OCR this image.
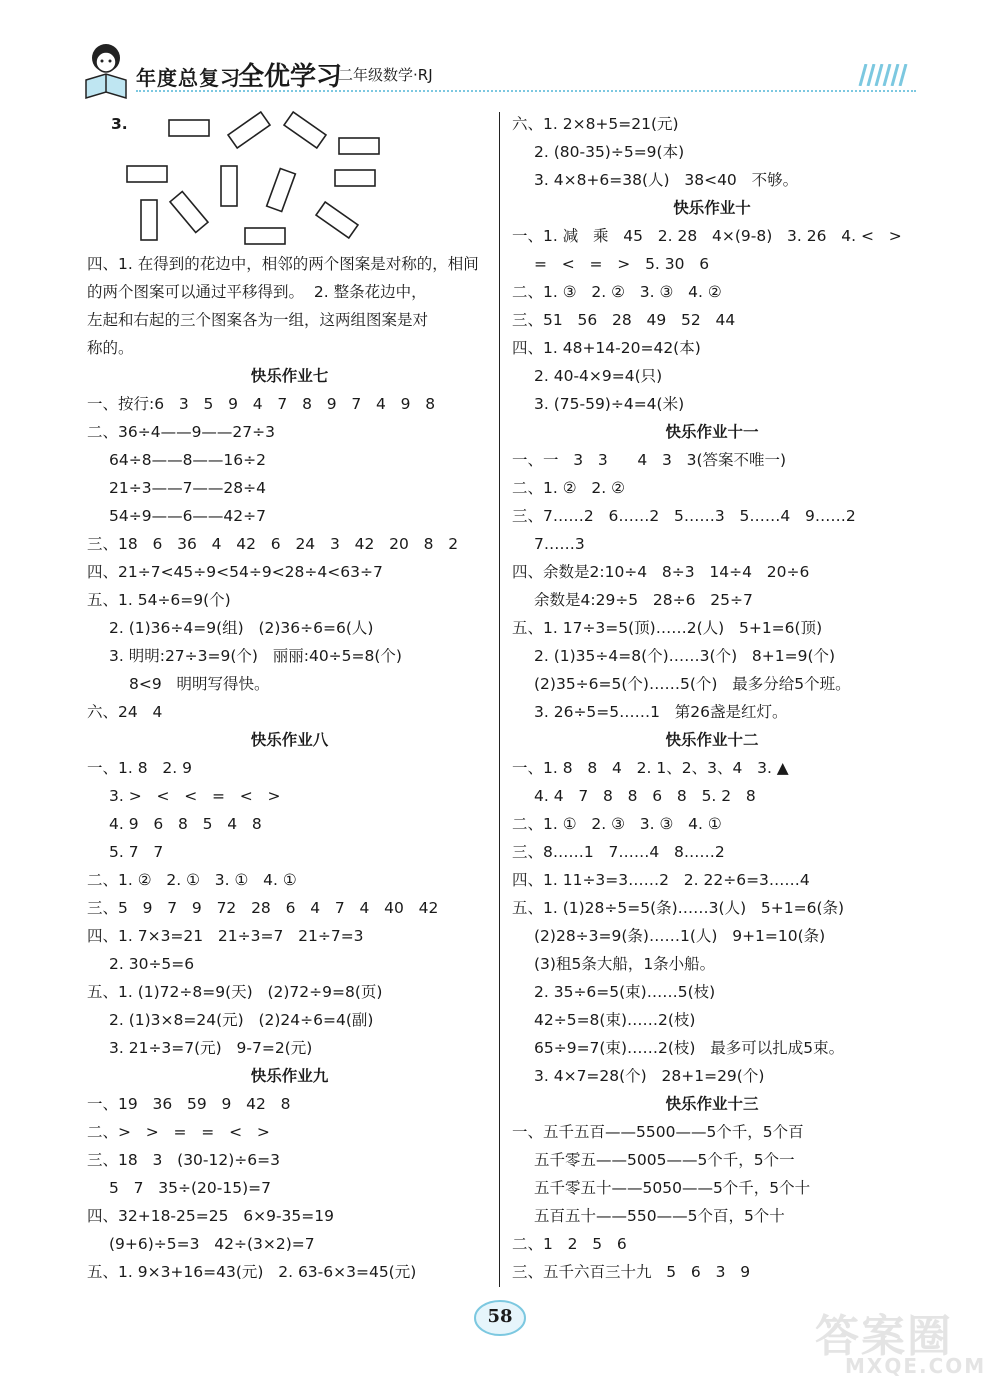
年度总复习
全优学习
二年级数学·RJ
3.
四、1. 在得到的花边中，相邻的两个图案是对称的，相间
的两个图案可以通过平移得到。  2. 整条花边中，
左起和右起的三个图案各为一组，这两组图案是对
称的。
快乐作业七
一、按行:6   3   5   9   4   7   8   9   7   4   9   8
二、36÷4——9——27÷3
64÷8——8——16÷2
21÷3——7——28÷4
54÷9——6——42÷7
三、18   6   36   4   42   6   24   3   42   20   8   2
四、21÷7<45÷9<54÷9<28÷4<63÷7
五、1. 54÷6=9(个)
2. (1)36÷4=9(组)   (2)36÷6=6(人)
3. 明明:27÷3=9(个)   丽丽:40÷5=8(个)
8<9   明明写得快。
六、24   4
快乐作业八
一、1. 8   2. 9
3. >   <   <   =   <   >
4. 9   6   8   5   4   8
5. 7   7
二、1. ②   2. ①   3. ①   4. ①
三、5   9   7   9   72   28   6   4   7   4   40   42
四、1. 7×3=21   21÷3=7   21÷7=3
2. 30÷5=6
五、1. (1)72÷8=9(天)   (2)72÷9=8(页)
2. (1)3×8=24(元)   (2)24÷6=4(副)
3. 21÷3=7(元)   9-7=2(元)
快乐作业九
一、19   36   59   9   42   8
二、>   >   =   =   <   >
三、18   3   (30-12)÷6=3
5   7   35÷(20-15)=7
四、32+18-25=25   6×9-35=19
(9+6)÷5=3   42÷(3×2)=7
五、1. 9×3+16=43(元)   2. 63-6×3=45(元)
六、1. 2×8+5=21(元)
2. (80-35)÷5=9(本)
3. 4×8+6=38(人)   38<40   不够。
快乐作业十
一、1. 减   乘   45   2. 28   4×(9-8)   3. 26   4. <   >
=   <   =   >   5. 30   6
二、1. ③   2. ②   3. ③   4. ②
三、51   56   28   49   52   44
四、1. 48+14-20=42(本)
2. 40-4×9=4(只)
3. (75-59)÷4=4(米)
快乐作业十一
一、一   3   3      4   3   3(答案不唯一)
二、1. ②   2. ②
三、7……2   6……2   5……3   5……4   9……2
7……3
四、余数是2:10÷4   8÷3   14÷4   20÷6
余数是4:29÷5   28÷6   25÷7
五、1. 17÷3=5(顶)……2(人)   5+1=6(顶)
2. (1)35÷4=8(个)……3(个)   8+1=9(个)
(2)35÷6=5(个)……5(个)   最多分给5个班。
3. 26÷5=5……1   第26盏是红灯。
快乐作业十二
一、1. 8   8   4   2. 1、2、3、4   3. ▲
4. 4   7   8   8   6   8   5. 2   8
二、1. ①   2. ③   3. ③   4. ①
三、8……1   7……4   8……2
四、1. 11÷3=3……2   2. 22÷6=3……4
五、1. (1)28÷5=5(条)……3(人)   5+1=6(条)
(2)28÷3=9(条)……1(人)   9+1=10(条)
(3)租5条大船，1条小船。
2. 35÷6=5(束)……5(枝)
42÷5=8(束)……2(枝)
65÷9=7(束)……2(枝)   最多可以扎成5束。
3. 4×7=28(个)   28+1=29(个)
快乐作业十三
一、五千五百——5500——5个千，5个百
五千零五——5005——5个千，5个一
五千零五十——5050——5个千，5个十
五百五十——550——5个百，5个十
二、1   2   5   6
三、五千六百三十九   5   6   3   9
58	答案圈
MXQE.COM
